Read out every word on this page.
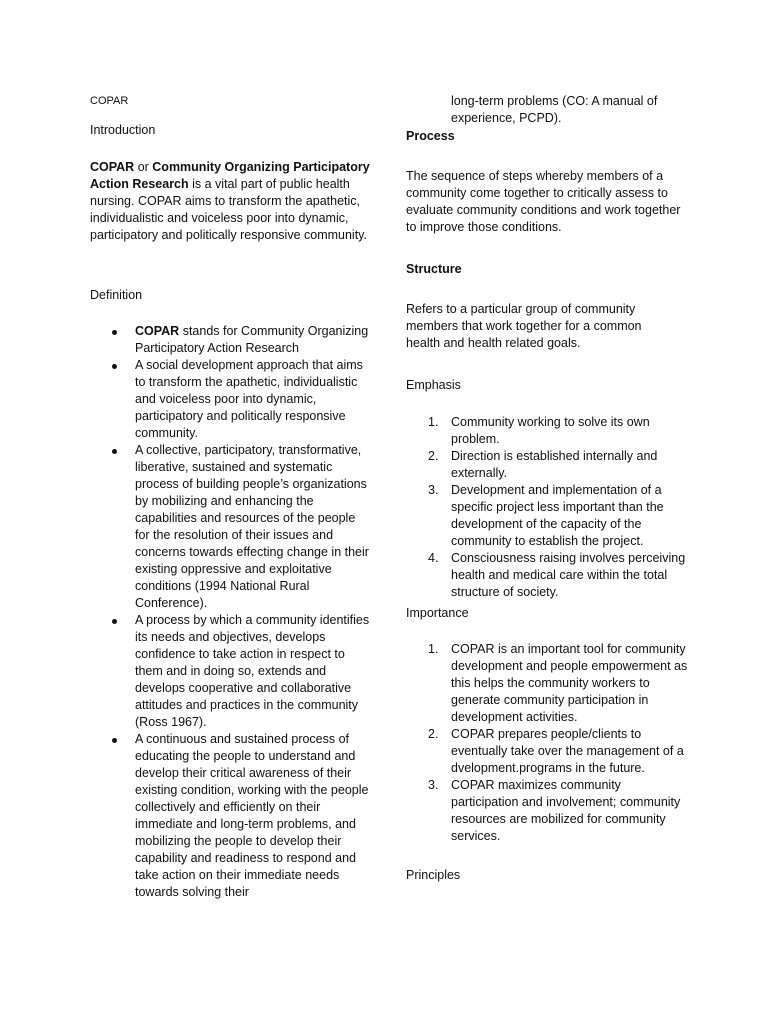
COPAR
Introduction
COPAR or Community Organizing Participatory Action Research is a vital part of public health nursing. COPAR aims to transform the apathetic, individualistic and voiceless poor into dynamic, participatory and politically responsive community.
Definition
COPAR stands for Community Organizing Participatory Action Research
A social development approach that aims to transform the apathetic, individualistic and voiceless poor into dynamic, participatory and politically responsive community.
A collective, participatory, transformative, liberative, sustained and systematic process of building people’s organizations by mobilizing and enhancing the capabilities and resources of the people for the resolution of their issues and concerns towards effecting change in their existing oppressive and exploitative conditions (1994 National Rural Conference).
A process by which a community identifies its needs and objectives, develops confidence to take action in respect to them and in doing so, extends and develops cooperative and collaborative attitudes and practices in the community (Ross 1967).
A continuous and sustained process of educating the people to understand and develop their critical awareness of their existing condition, working with the people collectively and efficiently on their immediate and long-term problems, and mobilizing the people to develop their capability and readiness to respond and take action on their immediate needs towards solving their
long-term problems (CO: A manual of experience, PCPD).
Process
The sequence of steps whereby members of a community come together to critically assess to evaluate community conditions and work together to improve those conditions.
Structure
Refers to a particular group of community members that work together for a common health and health related goals.
Emphasis
1. Community working to solve its own problem.
2. Direction is established internally and externally.
3. Development and implementation of a specific project less important than the development of the capacity of the community to establish the project.
4. Consciousness raising involves perceiving health and medical care within the total structure of society.
Importance
1. COPAR is an important tool for community development and people empowerment as this helps the community workers to generate community participation in development activities.
2. COPAR prepares people/clients to eventually take over the management of a dvelopment.programs in the future.
3. COPAR maximizes community participation and involvement; community resources are mobilized for community services.
Principles
